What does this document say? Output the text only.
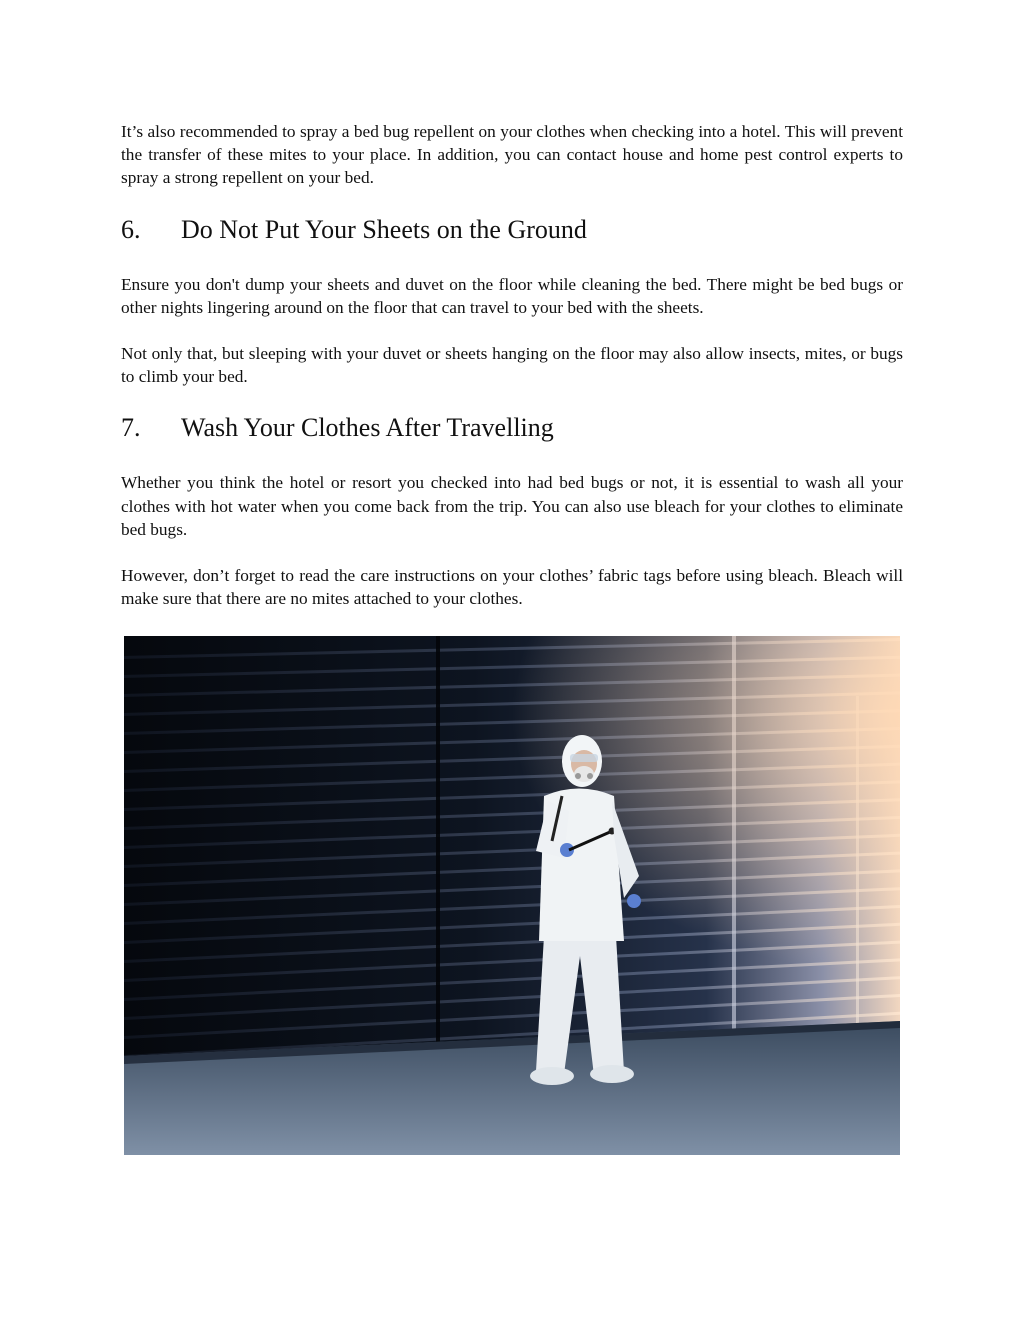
It’s also recommended to spray a bed bug repellent on your clothes when checking into a hotel. This will prevent the transfer of these mites to your place. In addition, you can contact house and home pest control experts to spray a strong repellent on your bed.

6.	Do Not Put Your Sheets on the Ground

Ensure you don't dump your sheets and duvet on the floor while cleaning the bed. There might be bed bugs or other nights lingering around on the floor that can travel to your bed with the sheets.

Not only that, but sleeping with your duvet or sheets hanging on the floor may also allow insects, mites, or bugs to climb your bed.

7.	Wash Your Clothes After Travelling

Whether you think the hotel or resort you checked into had bed bugs or not, it is essential to wash all your clothes with hot water when you come back from the trip. You can also use bleach for your clothes to eliminate bed bugs.

However, don’t forget to read the care instructions on your clothes’ fabric tags before using bleach. Bleach will make sure that there are no mites attached to your clothes.
